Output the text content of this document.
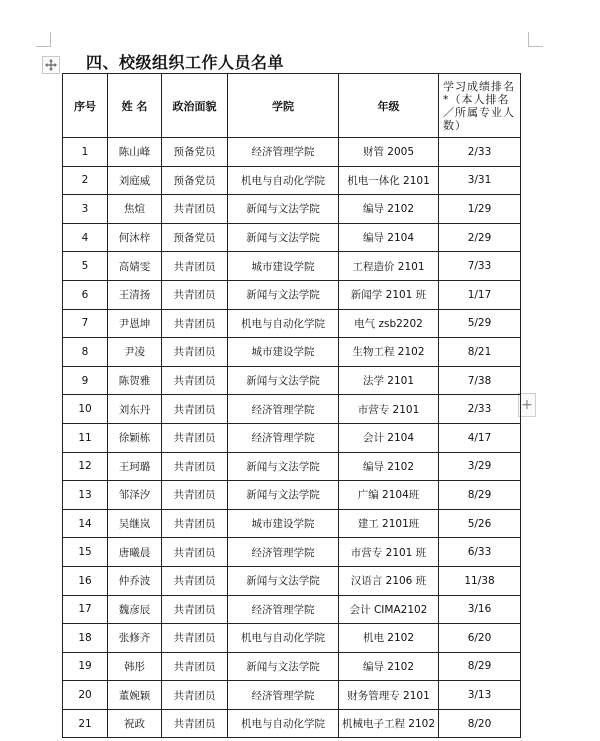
+
四、校级组织工作人员名单
序号	姓 名	政治面貌	学院	年级	学习成绩排名*（本人排名／所属专业人数）
1	陈山峰	预备党员	经济管理学院	财管 2005	2/33
2	刘庭威	预备党员	机电与自动化学院	机电一体化 2101	3/31
3	焦煊	共青团员	新闻与文法学院	编导 2102	1/29
4	何沐梓	预备党员	新闻与文法学院	编导 2104	2/29
5	高婧雯	共青团员	城市建设学院	工程造价 2101	7/33
6	王清扬	共青团员	新闻与文法学院	新闻学 2101 班	1/17
7	尹恩坤	共青团员	机电与自动化学院	电气 zsb2202	5/29
8	尹凌	共青团员	城市建设学院	生物工程 2102	8/21
9	陈贺雅	共青团员	新闻与文法学院	法学 2101	7/38
10	刘东丹	共青团员	经济管理学院	市营专 2101	2/33
11	徐颖栋	共青团员	经济管理学院	会计 2104	4/17
12	王珂璐	共青团员	新闻与文法学院	编导 2102	3/29
13	邹泽汐	共青团员	新闻与文法学院	广编 2104班	8/29
14	吴继岚	共青团员	城市建设学院	建工 2101班	5/26
15	唐曦晨	共青团员	经济管理学院	市营专 2101 班	6/33
16	仲乔波	共青团员	新闻与文法学院	汉语言 2106 班	11/38
17	魏彦辰	共青团员	经济管理学院	会计 CIMA2102	3/16
18	张修齐	共青团员	机电与自动化学院	机电 2102	6/20
19	韩彤	共青团员	新闻与文法学院	编导 2102	8/29
20	董婉颖	共青团员	经济管理学院	财务管理专 2101	3/13
21	祝政	共青团员	机电与自动化学院	机械电子工程 2102	8/20
